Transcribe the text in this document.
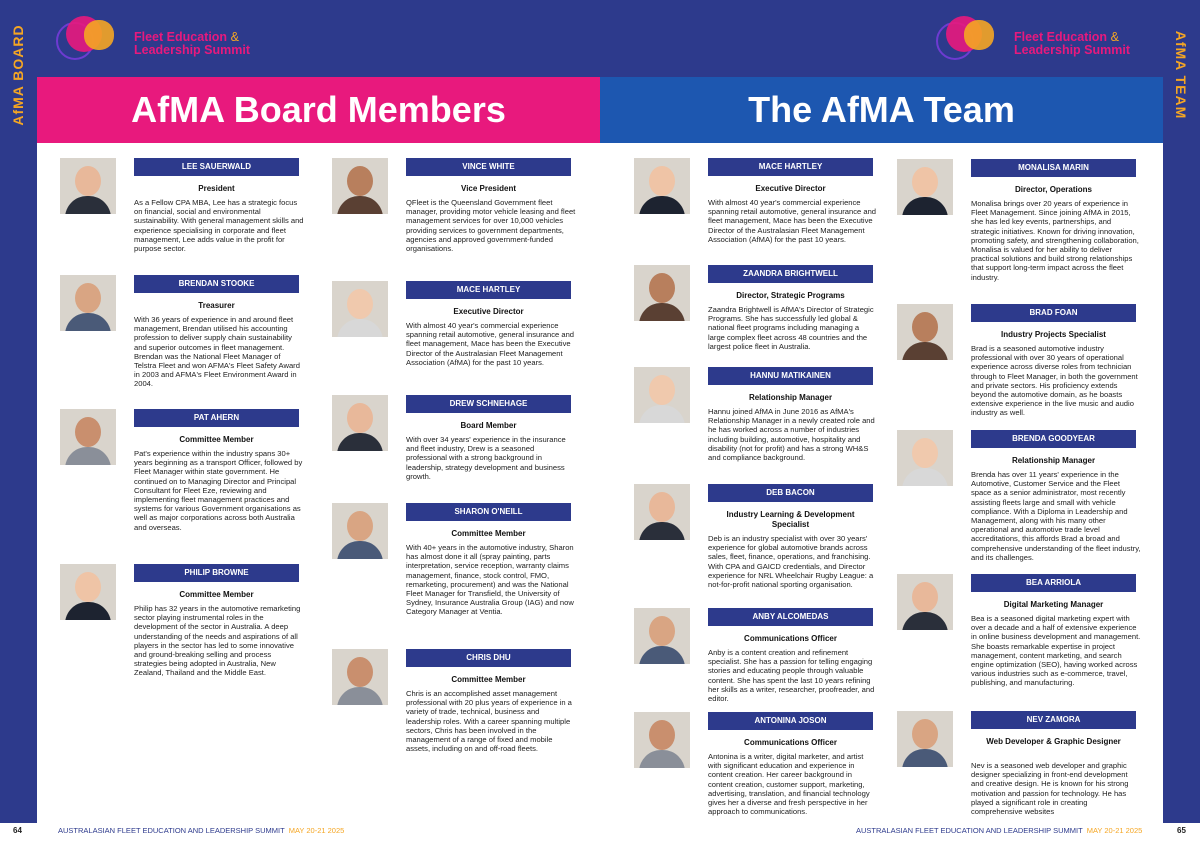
AfMA BOARD	AfMA TEAM
Fleet Education &
Leadership Summit
Fleet Education &
Leadership Summit
AfMA Board Members	The AfMA Team
LEE SAUERWALD
President
As a Fellow CPA MBA, Lee has a strategic focus on financial, social and environmental sustainability. With general management skills and experience specialising in corporate and fleet management, Lee adds value in the profit for purpose sector.
BRENDAN STOOKE
Treasurer
With 36 years of experience in and around fleet management, Brendan utilised his accounting profession to deliver supply chain sustainability and superior outcomes in fleet management. Brendan was the National Fleet Manager of Telstra Fleet and won AFMA's Fleet Safety Award in 2003 and AFMA's Fleet Environment Award in 2004.
PAT AHERN
Committee Member
Pat's experience within the industry spans 30+ years beginning as a transport Officer, followed by Fleet Manager within state government. He continued on to Managing Director and Principal Consultant for Fleet Eze, reviewing and implementing fleet management practices and systems for various Government organisations as well as major corporations across both Australia and overseas.
PHILIP BROWNE
Committee Member
Philip has 32 years in the automotive remarketing sector playing instrumental roles in the development of the sector in Australia. A deep understanding of the needs and aspirations of all players in the sector has led to some innovative and ground-breaking selling and process strategies being adopted in Australia, New Zealand, Thailand and the Middle East.
VINCE WHITE
Vice President
QFleet is the Queensland Government fleet manager, providing motor vehicle leasing and fleet management services for over 10,000 vehicles providing services to government departments, agencies and approved government-funded organisations.
MACE HARTLEY
Executive Director
With almost 40 year's commercial experience spanning retail automotive, general insurance and fleet management, Mace has been the Executive Director of the Australasian Fleet Management Association (AfMA) for the past 10 years.
DREW SCHNEHAGE
Board Member
With over 34 years' experience in the insurance and fleet industry, Drew is a seasoned professional with a strong background in leadership, strategy development and business growth.
SHARON O'NEILL
Committee Member
With 40+ years in the automotive industry, Sharon has almost done it all (spray painting, parts interpretation, service reception, warranty claims management, finance, stock control, FMO, remarketing, procurement) and was the National Fleet Manager for Transfield, the University of Sydney, Insurance Australia Group (IAG) and now Category Manager at Ventia.
CHRIS DHU
Committee Member
Chris is an accomplished asset management professional with 20 plus years of experience in a variety of trade, technical, business and leadership roles. With a career spanning multiple sectors, Chris has been involved in the management of a range of fixed and mobile assets, including on and off-road fleets.
MACE HARTLEY
Executive Director
With almost 40 year's commercial experience spanning retail automotive, general insurance and fleet management, Mace has been the Executive Director of the Australasian Fleet Management Association (AfMA) for the past 10 years.
ZAANDRA BRIGHTWELL
Director, Strategic Programs
Zaandra Brightwell is AfMA's Director of Strategic Programs. She has successfully led global & national fleet programs including managing a large complex fleet across 48 countries and the largest police fleet in Australia.
HANNU MATIKAINEN
Relationship Manager
Hannu joined AfMA in June 2016 as AfMA's Relationship Manager in a newly created role and he has worked across a number of industries including building, automotive, hospitality and disability (not for profit) and has a strong WH&S and compliance background.
DEB BACON
Industry Learning & Development Specialist
Deb is an industry specialist with over 30 years' experience for global automotive brands across sales, fleet, finance, operations, and franchising. With CPA and GAICD credentials, and Director experience for NRL Wheelchair Rugby League: a not-for-profit national sporting organisation.
ANBY ALCOMEDAS
Communications Officer
Anby is a content creation and refinement specialist. She has a passion for telling engaging stories and educating people through valuable content. She has spent the last 10 years refining her skills as a writer, researcher, proofreader, and editor.
ANTONINA JOSON
Communications Officer
Antonina is a writer, digital marketer, and artist with significant education and experience in content creation. Her career background in content creation, customer support, marketing, advertising, translation, and financial technology gives her a diverse and fresh perspective in her approach to communications.
MONALISA MARIN
Director, Operations
Monalisa brings over 20 years of experience in Fleet Management. Since joining AfMA in 2015, she has led key events, partnerships, and strategic initiatives. Known for driving innovation, promoting safety, and strengthening collaboration, Monalisa is valued for her ability to deliver practical solutions and build strong relationships that support long-term impact across the fleet industry.
BRAD FOAN
Industry Projects Specialist
Brad is a seasoned automotive industry professional with over 30 years of operational experience across diverse roles from technician through to Fleet Manager, in both the government and private sectors. His proficiency extends beyond the automotive domain, as he boasts extensive experience in the live music and audio industry as well.
BRENDA GOODYEAR
Relationship Manager
Brenda has over 11 years' experience in the Automotive, Customer Service and the Fleet space as a senior administrator, most recently assisting fleets large and small with vehicle compliance. With a Diploma in Leadership and Management, along with his many other operational and automotive trade level accreditations, this affords Brad a broad and comprehensive understanding of the fleet industry, and its challenges.
BEA ARRIOLA
Digital Marketing Manager
Bea is a seasoned digital marketing expert with over a decade and a half of extensive experience in online business development and management. She boasts remarkable expertise in project management, content marketing, and search engine optimization (SEO), having worked across various industries such as e-commerce, travel, publishing, and manufacturing.
NEV ZAMORA
Web Developer & Graphic Designer
Nev is a seasoned web developer and graphic designer specializing in front-end development and creative design. He is known for his strong motivation and passion for technology. He has played a significant role in creating comprehensive websites
64	AUSTRALASIAN FLEET EDUCATION AND LEADERSHIP SUMMIT MAY 20-21 2025	AUSTRALASIAN FLEET EDUCATION AND LEADERSHIP SUMMIT MAY 20-21 2025	65
